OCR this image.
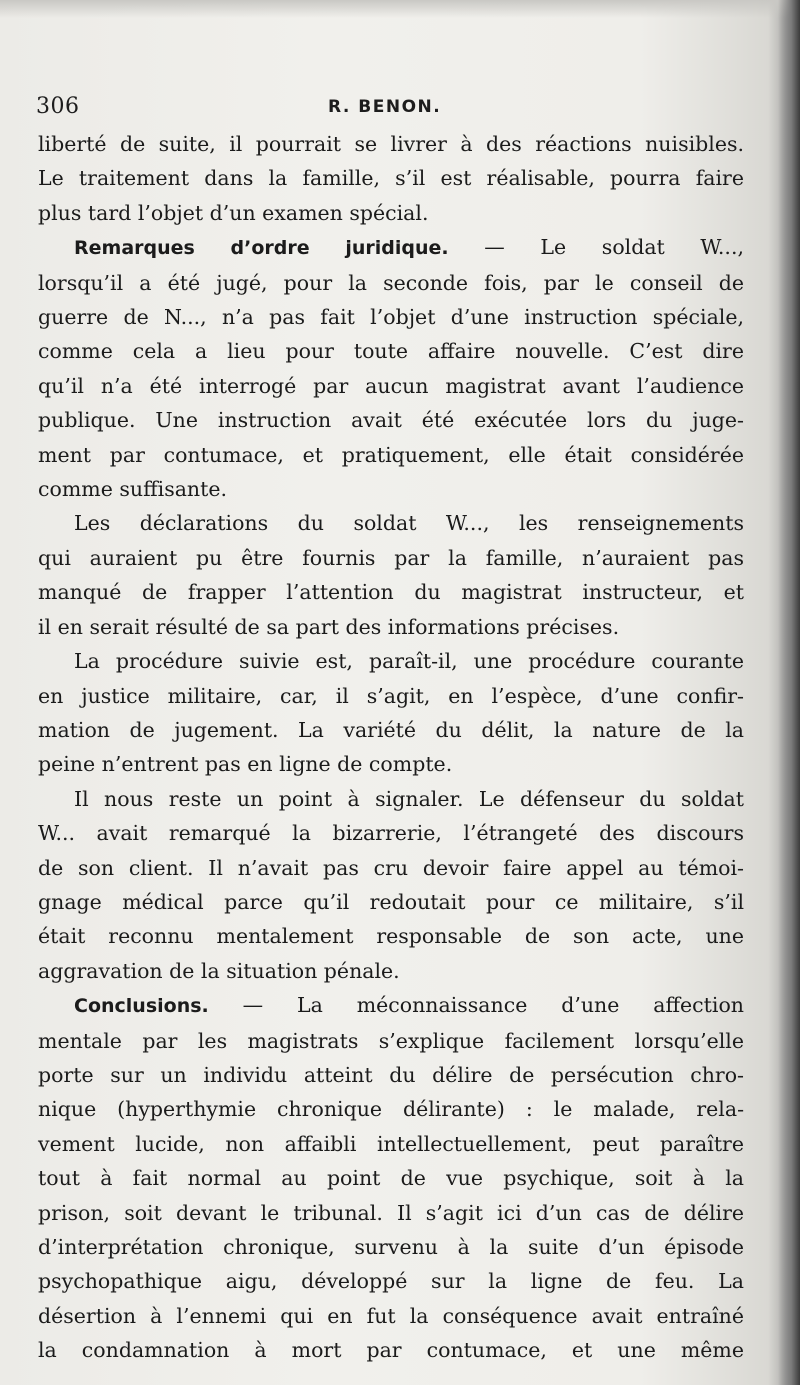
306	R. BENON.
liberté de suite, il pourrait se livrer à des réactions nuisibles.
Le traitement dans la famille, s’il est réalisable, pourra faire
plus tard l’objet d’un examen spécial.
Remarques d’ordre juridique. — Le soldat W...,
lorsqu’il a été jugé, pour la seconde fois, par le conseil de
guerre de N..., n’a pas fait l’objet d’une instruction spéciale,
comme cela a lieu pour toute affaire nouvelle. C’est dire
qu’il n’a été interrogé par aucun magistrat avant l’audience
publique. Une instruction avait été exécutée lors du juge-
ment par contumace, et pratiquement, elle était considérée
comme suffisante.
Les déclarations du soldat W..., les renseignements
qui auraient pu être fournis par la famille, n’auraient pas
manqué de frapper l’attention du magistrat instructeur, et
il en serait résulté de sa part des informations précises.
La procédure suivie est, paraît-il, une procédure courante
en justice militaire, car, il s’agit, en l’espèce, d’une confir-
mation de jugement. La variété du délit, la nature de la
peine n’entrent pas en ligne de compte.
Il nous reste un point à signaler. Le défenseur du soldat
W... avait remarqué la bizarrerie, l’étrangeté des discours
de son client. Il n’avait pas cru devoir faire appel au témoi-
gnage médical parce qu’il redoutait pour ce militaire, s’il
était reconnu mentalement responsable de son acte, une
aggravation de la situation pénale.
Conclusions. — La méconnaissance d’une affection
mentale par les magistrats s’explique facilement lorsqu’elle
porte sur un individu atteint du délire de persécution chro-
nique (hyperthymie chronique délirante) : le malade, rela-
vement lucide, non affaibli intellectuellement, peut paraître
tout à fait normal au point de vue psychique, soit à la
prison, soit devant le tribunal. Il s’agit ici d’un cas de délire
d’interprétation chronique, survenu à la suite d’un épisode
psychopathique aigu, développé sur la ligne de feu. La
désertion à l’ennemi qui en fut la conséquence avait entraîné
la condamnation à mort par contumace, et une même
